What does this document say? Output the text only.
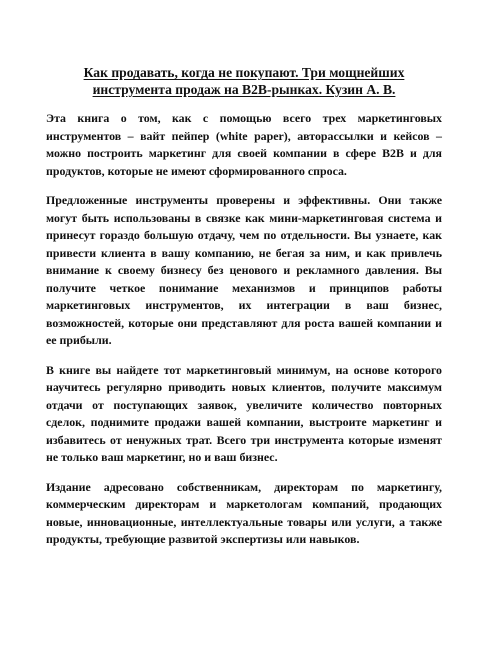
Как продавать, когда не покупают. Три мощнейших инструмента продаж на B2B-рынках. Кузин А. В.

Эта книга о том, как с помощью всего трех маркетинговых инструментов – вайт пейпер (white paper), авторассылки и кейсов – можно построить маркетинг для своей компании в сфере B2B и для продуктов, которые не имеют сформированного спроса.

Предложенные инструменты проверены и эффективны. Они также могут быть использованы в связке как мини-маркетинговая система и принесут гораздо большую отдачу, чем по отдельности. Вы узнаете, как привести клиента в вашу компанию, не бегая за ним, и как привлечь внимание к своему бизнесу без ценового и рекламного давления. Вы получите четкое понимание механизмов и принципов работы маркетинговых инструментов, их интеграции в ваш бизнес, возможностей, которые они представляют для роста вашей компании и ее прибыли.

В книге вы найдете тот маркетинговый минимум, на основе которого научитесь регулярно приводить новых клиентов, получите максимум отдачи от поступающих заявок, увеличите количество повторных сделок, поднимите продажи вашей компании, выстроите маркетинг и избавитесь от ненужных трат. Всего три инструмента которые изменят не только ваш маркетинг, но и ваш бизнес.

Издание адресовано собственникам, директорам по маркетингу, коммерческим директорам и маркетологам компаний, продающих новые, инновационные, интеллектуальные товары или услуги, а также продукты, требующие развитой экспертизы или навыков.
